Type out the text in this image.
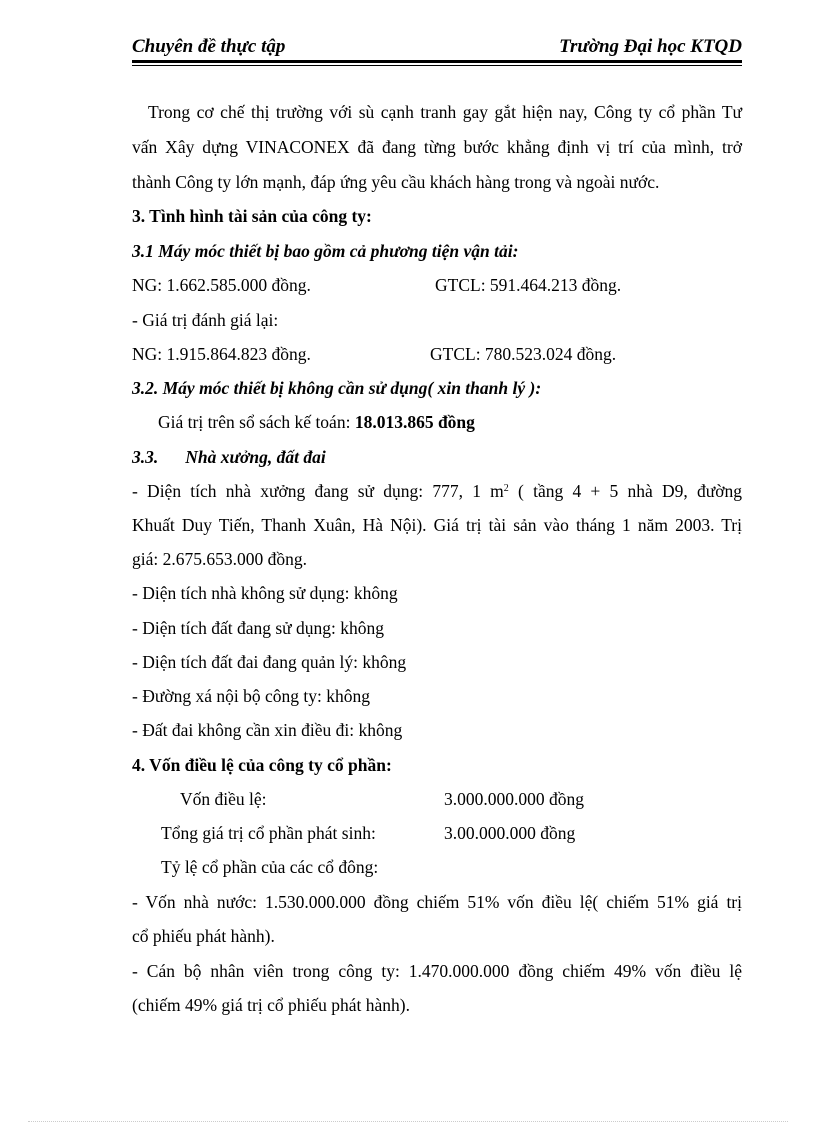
Chuyên đề thực tập	Trường Đại học KTQD
Trong cơ chế thị trường với sù cạnh tranh gay gắt hiện nay, Công ty cổ phần Tư
vấn Xây dựng VINACONEX đã đang từng bước khẳng định vị trí của mình, trở
thành Công ty lớn mạnh, đáp ứng yêu cầu khách hàng trong và ngoài nước.
3. Tình hình tài sản của công ty:
3.1 Máy móc thiết bị bao gồm cả phương tiện vận tải:
NG: 1.662.585.000 đồng.	GTCL: 591.464.213 đồng.
- Giá trị đánh giá lại:
NG: 1.915.864.823 đồng.	GTCL: 780.523.024 đồng.
3.2. Máy móc thiết bị không cần sử dụng( xin thanh lý ):
Giá trị trên sổ sách kế toán: 18.013.865 đồng
3.3. Nhà xưởng, đất đai
- Diện tích nhà xưởng đang sử dụng: 777, 1 $m^2$ ( tầng 4 + 5 nhà D9, đường
Khuất Duy Tiến, Thanh Xuân, Hà Nội). Giá trị tài sản vào tháng 1 năm 2003. Trị
giá: 2.675.653.000 đồng.
- Diện tích nhà không sử dụng: không
- Diện tích đất đang sử dụng: không
- Diện tích đất đai đang quản lý: không
- Đường xá nội bộ công ty: không
- Đất đai không cần xin điều đi: không
4. Vốn điều lệ của công ty cổ phần:
Vốn điều lệ:	3.000.000.000 đồng
Tổng giá trị cổ phần phát sinh:	3.00.000.000 đồng
Tỷ lệ cổ phần của các cổ đông:
- Vốn nhà nước: 1.530.000.000 đồng chiếm 51% vốn điều lệ( chiếm 51% giá trị
cổ phiếu phát hành).
- Cán bộ nhân viên trong công ty: 1.470.000.000 đồng chiếm 49% vốn điều lệ
(chiếm 49% giá trị cổ phiếu phát hành).
